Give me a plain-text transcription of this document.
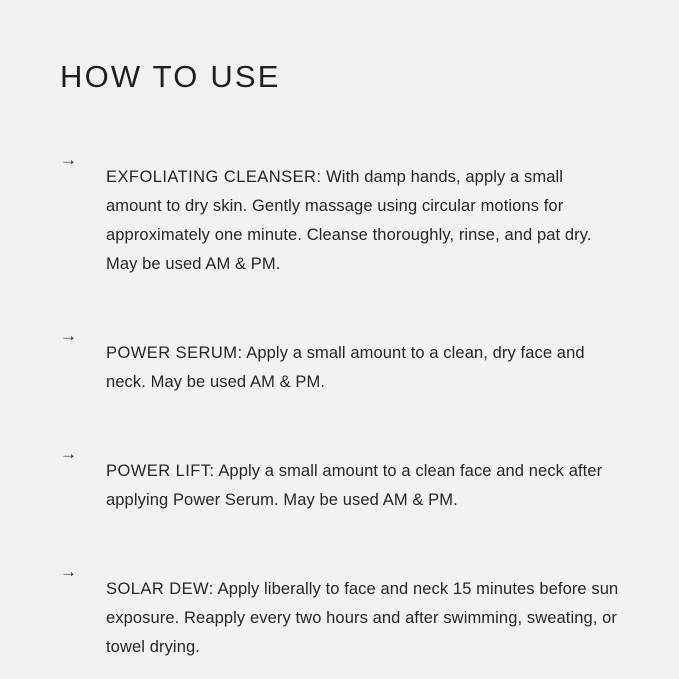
HOW TO USE
→

EXFOLIATING CLEANSER: With damp hands, apply a small amount to dry skin. Gently massage using circular motions for approximately one minute. Cleanse thoroughly, rinse, and pat dry. May be used AM & PM.

→

POWER SERUM: Apply a small amount to a clean, dry face and neck. May be used AM & PM.

→

POWER LIFT: Apply a small amount to a clean face and neck after applying Power Serum. May be used AM & PM.

→

SOLAR DEW: Apply liberally to face and neck 15 minutes before sun exposure. Reapply every two hours and after swimming, sweating, or towel drying.
